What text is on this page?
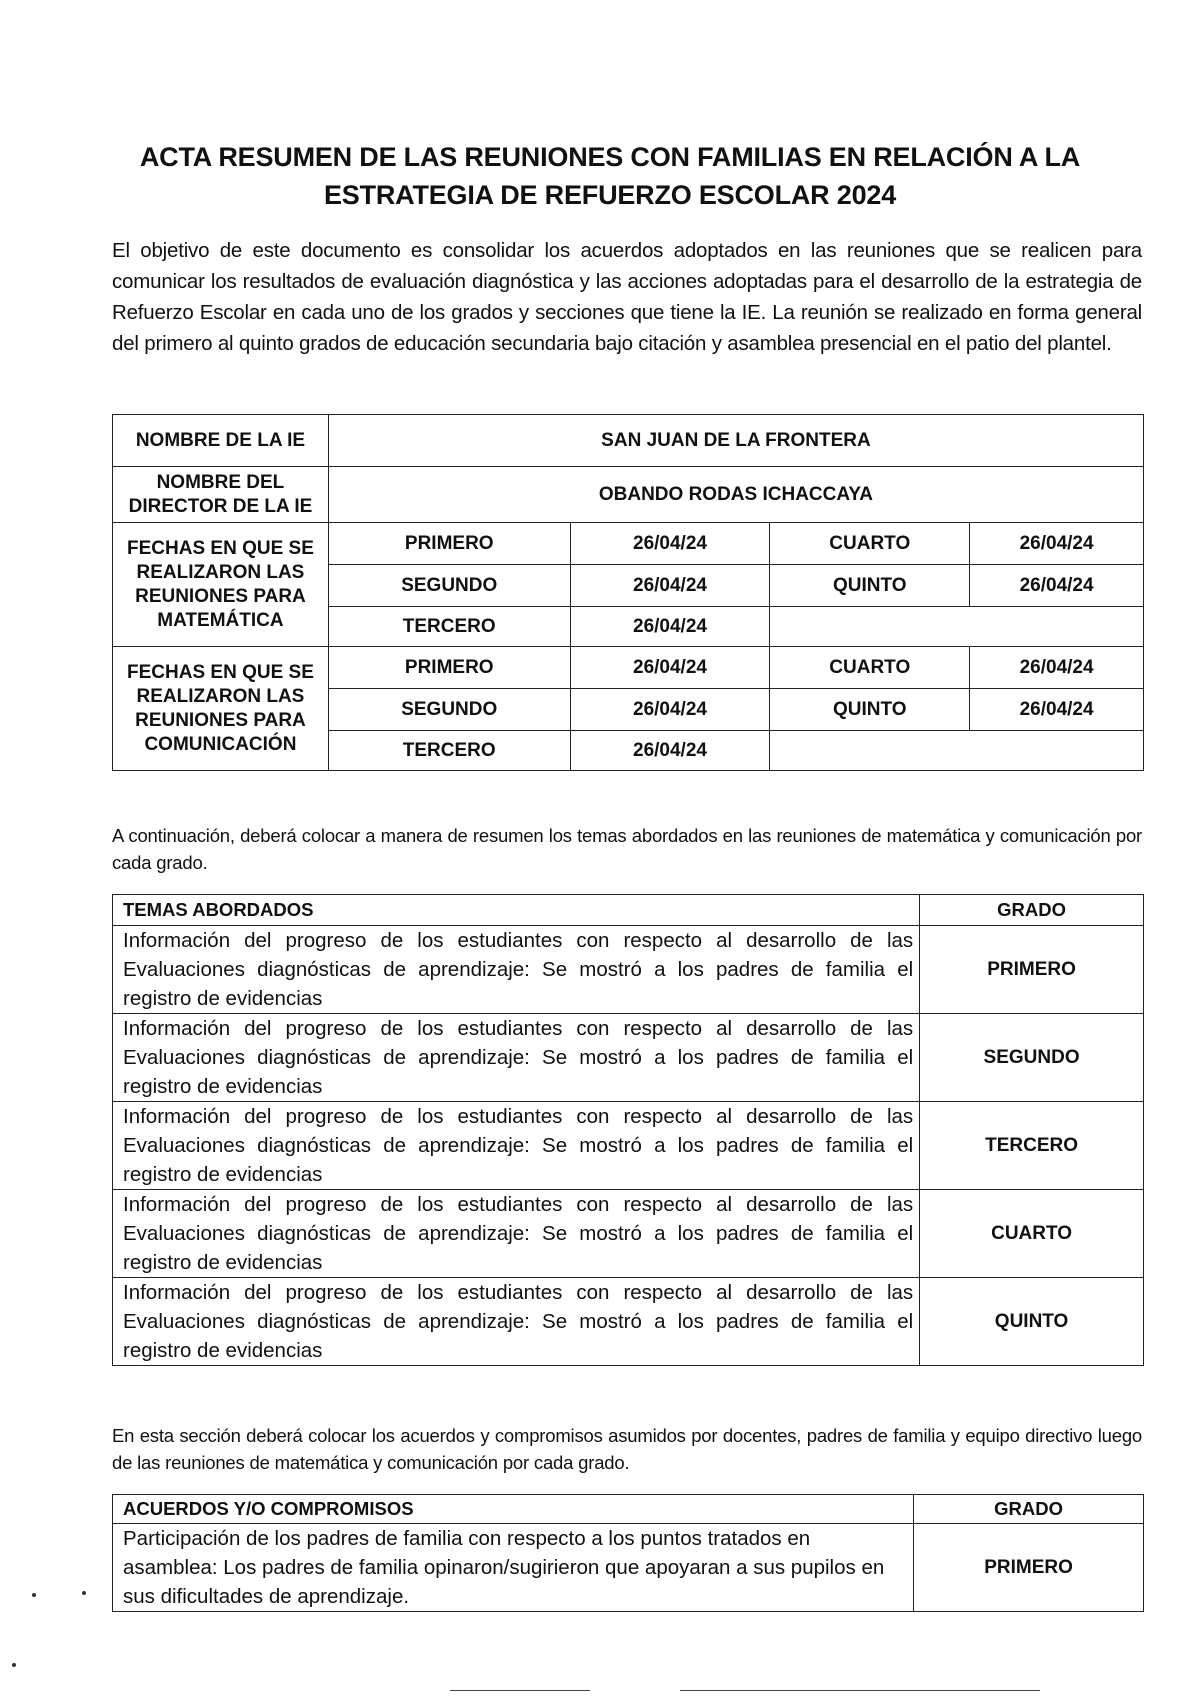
ACTA RESUMEN DE LAS REUNIONES CON FAMILIAS EN RELACIÓN A LA
ESTRATEGIA DE REFUERZO ESCOLAR 2024
El objetivo de este documento es consolidar los acuerdos adoptados en las reuniones que se realicen para comunicar los resultados de evaluación diagnóstica y las acciones adoptadas para el desarrollo de la estrategia de Refuerzo Escolar en cada uno de los grados y secciones que tiene la IE. La reunión se realizado en forma general del primero al quinto grados de educación secundaria bajo citación y asamblea presencial en el patio del plantel.
NOMBRE DE LA IE	SAN JUAN DE LA FRONTERA			

NOMBRE DEL
DIRECTOR DE LA IE	OBANDO RODAS ICHACCAYA			

FECHAS EN QUE SE
REALIZARON LAS
REUNIONES PARA
MATEMÁTICA	PRIMERO	26/04/24	CUARTO	26/04/24
	SEGUNDO	26/04/24	QUINTO	26/04/24
	TERCERO	26/04/24		

FECHAS EN QUE SE
REALIZARON LAS
REUNIONES PARA
COMUNICACIÓN	PRIMERO	26/04/24	CUARTO	26/04/24
	SEGUNDO	26/04/24	QUINTO	26/04/24
	TERCERO	26/04/24		
A continuación, deberá colocar a manera de resumen los temas abordados en las reuniones de matemática y comunicación por cada grado.
TEMAS ABORDADOS	GRADO
Información del progreso de los estudiantes con respecto al desarrollo de las Evaluaciones diagnósticas de aprendizaje: Se mostró a los padres de familia el registro de evidencias	PRIMERO
Información del progreso de los estudiantes con respecto al desarrollo de las Evaluaciones diagnósticas de aprendizaje: Se mostró a los padres de familia el registro de evidencias	SEGUNDO
Información del progreso de los estudiantes con respecto al desarrollo de las Evaluaciones diagnósticas de aprendizaje: Se mostró a los padres de familia el registro de evidencias	TERCERO
Información del progreso de los estudiantes con respecto al desarrollo de las Evaluaciones diagnósticas de aprendizaje: Se mostró a los padres de familia el registro de evidencias	CUARTO
Información del progreso de los estudiantes con respecto al desarrollo de las Evaluaciones diagnósticas de aprendizaje: Se mostró a los padres de familia el registro de evidencias	QUINTO
En esta sección deberá colocar los acuerdos y compromisos asumidos por docentes, padres de familia y equipo directivo luego de las reuniones de matemática y comunicación por cada grado.
ACUERDOS Y/O COMPROMISOS	GRADO
Participación de los padres de familia con respecto a los puntos tratados en asamblea: Los padres de familia opinaron/sugirieron que apoyaran a sus pupilos en sus dificultades de aprendizaje.	PRIMERO
